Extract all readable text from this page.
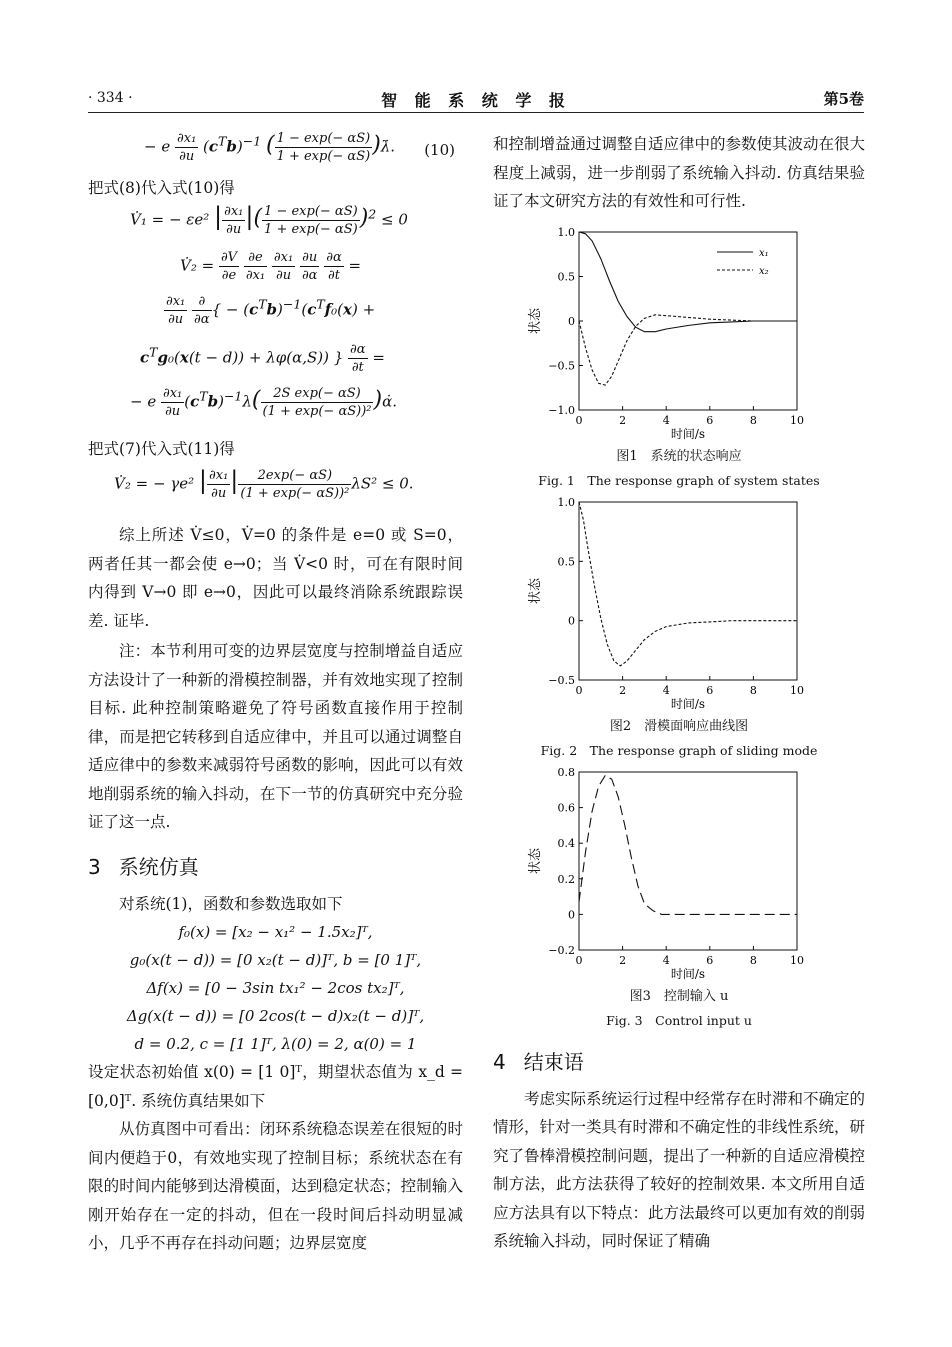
· 334 ·	智 能 系 统 学 报	第5卷
− e $\frac{\text{∂x₁}}{\partial u} (c^Tb)^{-1}$ ( $\frac{1 - \exp(- \alpha S)}{1 + \exp(- \alpha S)}$ )λ̇. (10)

把式(8)代入式(10)得

V̇₁ = − εe² | $\frac{\text{∂x₁}}{\partial u}$ |( $\frac{1 - \exp(- \alpha S)}{1 + \exp(- \alpha S)} )^2 \le 0$
V̇₂ = $\frac{\partial V}{\partial e}$
$\frac{\partial e}{\text{∂x₁}}$
$\frac{\text{∂x₁}}{\partial u}$
$\frac{\partial u}{\partial\alpha}$
$\frac{\partial\alpha}{\partial t}$ =
$\frac{\text{∂x₁}}{\partial u}$
$\frac{\partial}{\partial\alpha}$ { − $(c^Tb)^{-1}(c^Tf_0(x)$ +
$c^Tg_0(x(t - d)) + \lambda\varphi(\alpha,S)$) } $\frac{\partial\alpha}{\partial t}$ =
− e $\frac{\text{∂x₁}}{\partial u} (c^Tb)^{-1}\lambda( \frac{\text{2S exp(− αS)}}{\text{(1 + exp(− αS))²}}$ )α̇.

把式(7)代入式(11)得

V̇₂ = − γe² | $\frac{\text{∂x₁}}{\partial u}$ | $\frac{2\exp(- \alpha S)}{\text{(1 + exp(− αS))²}} \lambda S^2 \le 0$.

综上所述 V̇≤0，V̇=0 的条件是 e=0 或 S=0，两者任其一都会使 e→0；当 V̇<0 时，可在有限时间内得到 V→0 即 e→0，因此可以最终消除系统跟踪误差. 证毕.

注：本节利用可变的边界层宽度与控制增益自适应方法设计了一种新的滑模控制器，并有效地实现了控制目标. 此种控制策略避免了符号函数直接作用于控制律，而是把它转移到自适应律中，并且可以通过调整自适应律中的参数来减弱符号函数的影响，因此可以有效地削弱系统的输入抖动，在下一节的仿真研究中充分验证了这一点.

3 系统仿真

对系统(1)，函数和参数选取如下

f₀(x) = [x₂ − x₁² − 1.5x₂]ᵀ,
g₀(x(t − d)) = [0 x₂(t − d)]ᵀ, b = [0 1]ᵀ,
Δf(x) = [0 − 3sin tx₁² − 2cos tx₂]ᵀ,
Δg(x(t − d)) = [0 2cos(t − d)x₂(t − d)]ᵀ,
d = 0.2, c = [1 1]ᵀ, λ(0) = 2, α(0) = 1

设定状态初始值 x(0) = [1 0]ᵀ，期望状态值为 x_d = [0,0]ᵀ. 系统仿真结果如下

从仿真图中可看出：闭环系统稳态误差在很短的时间内便趋于0，有效地实现了控制目标；系统状态在有限的时间内能够到达滑模面，达到稳定状态；控制输入刚开始存在一定的抖动，但在一段时间后抖动明显减小，几乎不再存在抖动问题；边界层宽度

和控制增益通过调整自适应律中的参数使其波动在很大程度上减弱，进一步削弱了系统输入抖动. 仿真结果验证了本文研究方法的有效性和可行性.

0	2	4	6	8	10
1.0
0.5
0
−0.5
−1.0
时间/s
状态
x₁
x₂
图1　系统的状态响应
Fig. 1　The response graph of system states
0	2	4	6	8	10
1.0
0.5
0
−0.5
时间/s
状态
图2　滑模面响应曲线图
Fig. 2　The response graph of sliding mode
0	2	4	6	8	10
0.8
0.6
0.4
0.2
0
−0.2
时间/s
状态
图3　控制输入 u
Fig. 3　Control input u
4 结束语

考虑实际系统运行过程中经常存在时滞和不确定的情形，针对一类具有时滞和不确定性的非线性系统，研究了鲁棒滑模控制问题，提出了一种新的自适应滑模控制方法，此方法获得了较好的控制效果. 本文所用自适应方法具有以下特点：此方法最终可以更加有效的削弱系统输入抖动，同时保证了精确
